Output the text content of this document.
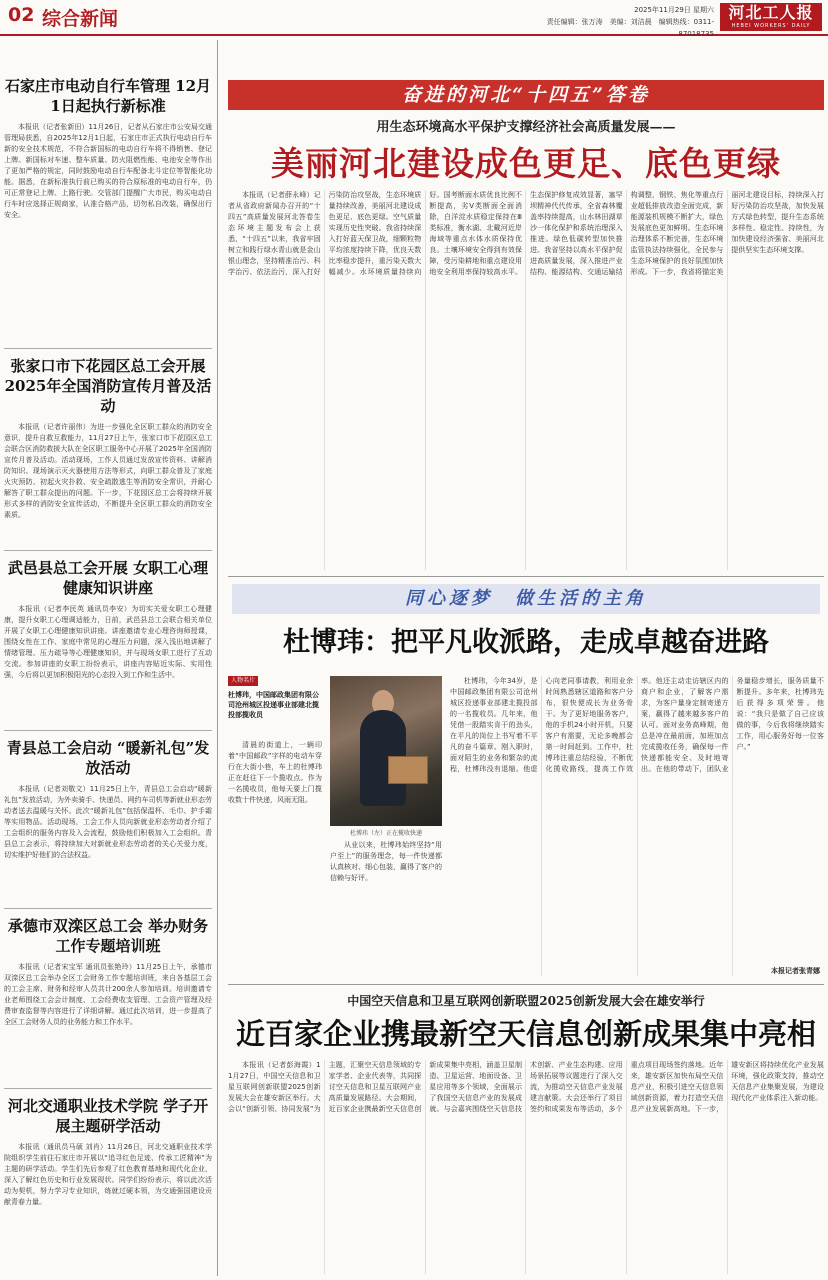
02 综合新闻	2025年11月29日 星期六
责任编辑：张万涛　美编：刘洁晨　编辑热线：0311-87018735
河北工人报
HEBEI WORKERS' DAILY
石家庄市电动自行车管理 12月1日起执行新标准
本报讯（记者张新田）11月26日，记者从石家庄市公安局交通管理局获悉，自2025年12月1日起，石家庄市正式执行电动自行车新的安全技术规范，不符合新国标的电动自行车将不得销售、登记上牌。新国标对车速、整车质量、防火阻燃性能、电池安全等作出了更加严格的规定，同时鼓励电动自行车配备北斗定位等智能化功能。据悉，在新标准执行前已购买的符合原标准的电动自行车，仍可正常登记上牌、上路行驶。交管部门提醒广大市民，购买电动自行车时应选择正规商家，认准合格产品，切勿私自改装，确保出行安全。
张家口市下花园区总工会开展 2025年全国消防宣传月普及活动
本报讯（记者许丽伟）为进一步强化全区职工群众的消防安全意识，提升自救互救能力，11月27日上午，张家口市下花园区总工会联合区消防救援大队在全区职工服务中心开展了2025年全国消防宣传月普及活动。活动现场，工作人员通过发放宣传资料、讲解消防知识、现场演示灭火器使用方法等形式，向职工群众普及了家庭火灾预防、初起火灾扑救、安全疏散逃生等消防安全常识，并耐心解答了职工群众提出的问题。下一步，下花园区总工会将持续开展形式多样的消防安全宣传活动，不断提升全区职工群众的消防安全素质。
武邑县总工会开展 女职工心理健康知识讲座
本报讯（记者李民英 通讯员李安）为切实关爱女职工心理健康，提升女职工心理调适能力，日前，武邑县总工会联合相关单位开展了女职工心理健康知识讲座。讲座邀请专业心理咨询师授课，围绕女性在工作、家庭中常见的心理压力问题，深入浅出地讲解了情绪管理、压力疏导等心理健康知识，并与现场女职工进行了互动交流。参加讲座的女职工纷纷表示，讲座内容贴近实际、实用性强，今后将以更加积极阳光的心态投入到工作和生活中。
青县总工会启动 “暖新礼包”发放活动
本报讯（记者刘敬文）11月25日上午，青县总工会启动“暖新礼包”发放活动，为外卖骑手、快递员、网约车司机等新就业形态劳动者送去温暖与关怀。此次“暖新礼包”包括保温杯、毛巾、护手霜等实用物品。活动现场，工会工作人员向新就业形态劳动者介绍了工会组织的服务内容及入会流程，鼓励他们积极加入工会组织。青县总工会表示，将持续加大对新就业形态劳动者的关心关爱力度，切实维护好他们的合法权益。
承德市双滦区总工会 举办财务工作专题培训班
本报讯（记者宋宝军 通讯员张艳玲）11月25日上午，承德市双滦区总工会举办全区工会财务工作专题培训班，来自各基层工会的工会主席、财务和经审人员共计200余人参加培训。培训邀请专业老师围绕工会会计制度、工会经费收支管理、工会资产管理及经费审查监督等内容进行了详细讲解。通过此次培训，进一步提高了全区工会财务人员的业务能力和工作水平。
河北交通职业技术学院 学子开展主题研学活动
本报讯（通讯员马硕 刘肖）11月26日，河北交通职业技术学院组织学生前往石家庄市开展以“追寻红色足迹、传承工匠精神”为主题的研学活动。学生们先后参观了红色教育基地和现代化企业，深入了解红色历史和行业发展现状。同学们纷纷表示，将以此次活动为契机，努力学习专业知识，练就过硬本领，为交通强国建设贡献青春力量。
奋进的河北“十四五”答卷
用生态环境高水平保护支撑经济社会高质量发展——
美丽河北建设成色更足、底色更绿
本报讯（记者薛永峰）记者从省政府新闻办召开的“十四五”高质量发展河北答卷生态环境主题发布会上获悉，“十四五”以来，我省牢固树立和践行绿水青山就是金山银山理念，坚持精准治污、科学治污、依法治污，深入打好污染防治攻坚战，生态环境质量持续改善，美丽河北建设成色更足、底色更绿。空气质量实现历史性突破。我省持续深入打好蓝天保卫战，细颗粒物平均浓度持续下降，优良天数比率稳步提升，重污染天数大幅减少。水环境质量持续向好。国考断面水质优良比例不断提高，劣Ⅴ类断面全面消除，白洋淀水质稳定保持在Ⅲ类标准，衡水湖、北戴河近岸海域等重点水体水质保持优良。土壤环境安全得到有效保障，受污染耕地和重点建设用地安全利用率保持较高水平。生态保护修复成效显著，塞罕坝精神代代传承，全省森林覆盖率持续提高，山水林田湖草沙一体化保护和系统治理深入推进。绿色低碳转型加快推进。我省坚持以高水平保护促进高质量发展，深入推进产业结构、能源结构、交通运输结构调整，钢铁、焦化等重点行业超低排放改造全面完成，新能源装机规模不断扩大，绿色发展底色更加鲜明。生态环境治理体系不断完善，生态环境监管执法持续强化，全民参与生态环境保护的良好氛围加快形成。下一步，我省将锚定美丽河北建设目标，持续深入打好污染防治攻坚战，加快发展方式绿色转型，提升生态系统多样性、稳定性、持续性，为加快建设经济强省、美丽河北提供坚实生态环境支撑。
同心逐梦　做生活的主角
杜博玮：把平凡收派路，走成卓越奋进路
人物名片
杜博玮，中国邮政集团有限公司沧州城区投递事业部建北揽投部揽收员
清晨的街道上，一辆印着“中国邮政”字样的电动车穿行在大街小巷，车上的杜博玮正在赶往下一个揽收点。作为一名揽收员，他每天要上门揽收数十件快递，风雨无阻。
杜博玮（左）正在揽收快递
从业以来，杜博玮始终坚持“用户至上”的服务理念，每一件快递都认真核对、细心包装，赢得了客户的信赖与好评。
杜博玮，今年34岁，是中国邮政集团有限公司沧州城区投递事业部建北揽投部的一名揽收员。几年来，他凭借一股踏实肯干的劲头，在平凡的岗位上书写着不平凡的奋斗篇章。刚入职时，面对陌生的业务和繁杂的流程，杜博玮没有退缩。他虚心向老同事请教，利用业余时间熟悉辖区道路和客户分布，很快便成长为业务骨干。为了更好地服务客户，他的手机24小时开机，只要客户有需要，无论多晚都会第一时间赶到。工作中，杜博玮注重总结经验，不断优化揽收路线，提高工作效率。他还主动走访辖区内的商户和企业，了解客户需求，为客户量身定制寄递方案，赢得了越来越多客户的认可。面对业务高峰期，他总是冲在最前面，加班加点完成揽收任务，确保每一件快递都能安全、及时地寄出。在他的带动下，团队业务量稳步增长，服务质量不断提升。多年来，杜博玮先后获得多项荣誉。他说：“我只是做了自己应该做的事，今后我将继续踏实工作，用心服务好每一位客户。”
本报记者张青娜
中国空天信息和卫星互联网创新联盟2025创新发展大会在雄安举行
近百家企业携最新空天信息创新成果集中亮相
本报讯（记者彭海霞）11月27日，中国空天信息和卫星互联网创新联盟2025创新发展大会在雄安新区举行。大会以“创新引领、协同发展”为主题，汇聚空天信息领域的专家学者、企业代表等，共同探讨空天信息和卫星互联网产业高质量发展路径。大会期间，近百家企业携最新空天信息创新成果集中亮相，涵盖卫星制造、卫星运营、地面设备、卫星应用等多个领域，全面展示了我国空天信息产业的发展成就。与会嘉宾围绕空天信息技术创新、产业生态构建、应用场景拓展等议题进行了深入交流，为推动空天信息产业发展建言献策。大会还举行了项目签约和成果发布等活动，多个重点项目现场签约落地。近年来，雄安新区加快布局空天信息产业，积极引进空天信息领域创新资源，着力打造空天信息产业发展新高地。下一步，雄安新区将持续优化产业发展环境，强化政策支持，推动空天信息产业集聚发展，为建设现代化产业体系注入新动能。
